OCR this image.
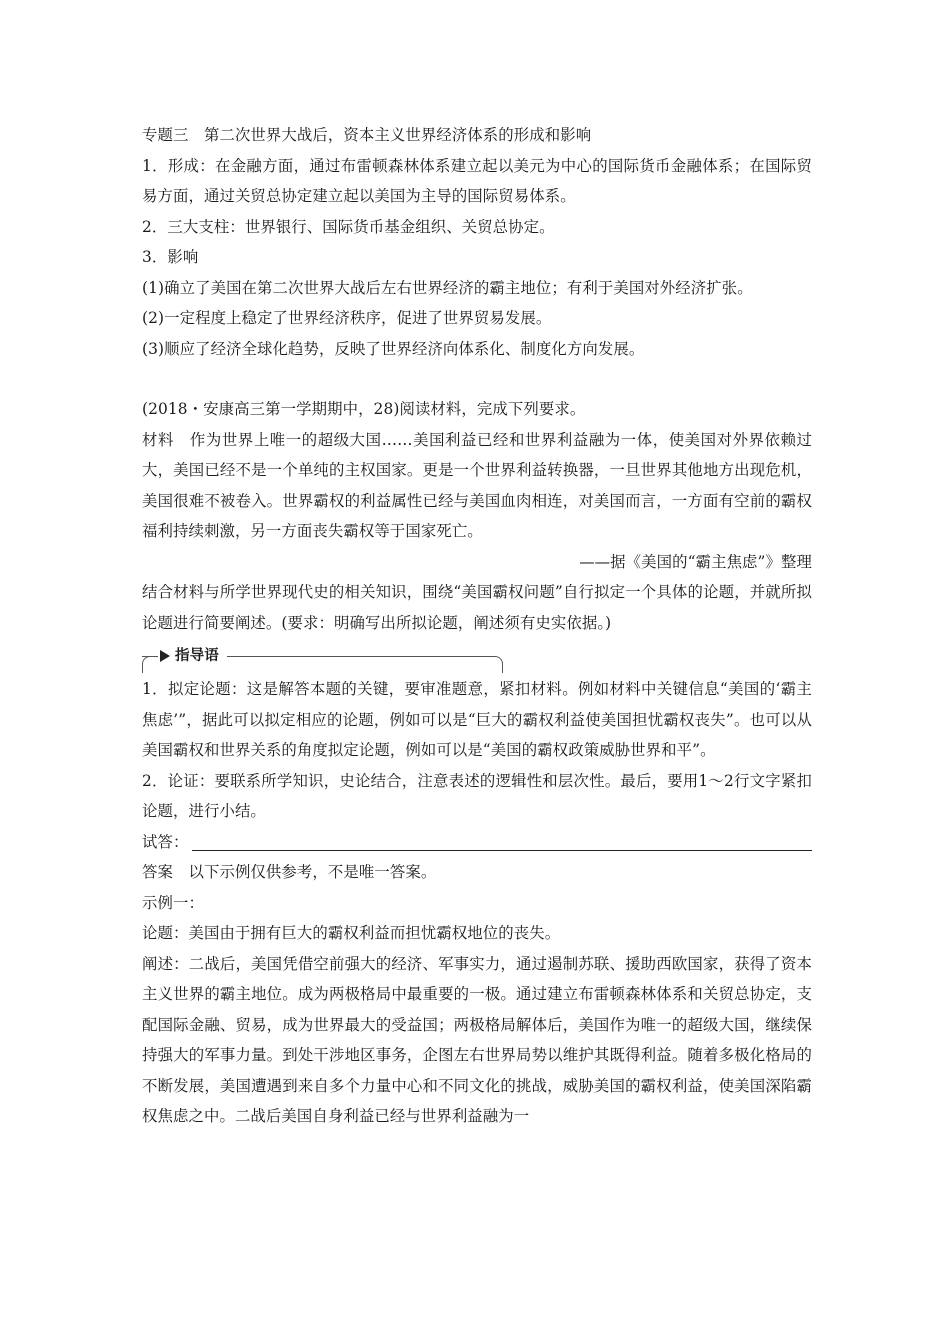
专题三　第二次世界大战后，资本主义世界经济体系的形成和影响

1．形成：在金融方面，通过布雷顿森林体系建立起以美元为中心的国际货币金融体系；在国际贸易方面，通过关贸总协定建立起以美国为主导的国际贸易体系。

2．三大支柱：世界银行、国际货币基金组织、关贸总协定。

3．影响

(1)确立了美国在第二次世界大战后左右世界经济的霸主地位；有利于美国对外经济扩张。

(2)一定程度上稳定了世界经济秩序，促进了世界贸易发展。

(3)顺应了经济全球化趋势，反映了世界经济向体系化、制度化方向发展。

(2018・安康高三第一学期期中，28)阅读材料，完成下列要求。

材料　作为世界上唯一的超级大国……美国利益已经和世界利益融为一体，使美国对外界依赖过大，美国已经不是一个单纯的主权国家。更是一个世界利益转换器，一旦世界其他地方出现危机，美国很难不被卷入。世界霸权的利益属性已经与美国血肉相连，对美国而言，一方面有空前的霸权福利持续刺激，另一方面丧失霸权等于国家死亡。

——据《美国的“霸主焦虑”》整理

结合材料与所学世界现代史的相关知识，围绕“美国霸权问题”自行拟定一个具体的论题，并就所拟论题进行简要阐述。(要求：明确写出所拟论题，阐述须有史实依据。)

指导语

1．拟定论题：这是解答本题的关键，要审准题意，紧扣材料。例如材料中关键信息“美国的‘霸主焦虑’”，据此可以拟定相应的论题，例如可以是“巨大的霸权利益使美国担忧霸权丧失”。也可以从美国霸权和世界关系的角度拟定论题，例如可以是“美国的霸权政策威胁世界和平”。

2．论证：要联系所学知识，史论结合，注意表述的逻辑性和层次性。最后，要用1～2行文字紧扣论题，进行小结。

试答：

答案　以下示例仅供参考，不是唯一答案。

示例一：

论题：美国由于拥有巨大的霸权利益而担忧霸权地位的丧失。

阐述：二战后，美国凭借空前强大的经济、军事实力，通过遏制苏联、援助西欧国家，获得了资本主义世界的霸主地位。成为两极格局中最重要的一极。通过建立布雷顿森林体系和关贸总协定，支配国际金融、贸易，成为世界最大的受益国；两极格局解体后，美国作为唯一的超级大国，继续保持强大的军事力量。到处干涉地区事务，企图左右世界局势以维护其既得利益。随着多极化格局的不断发展，美国遭遇到来自多个力量中心和不同文化的挑战，威胁美国的霸权利益，使美国深陷霸权焦虑之中。二战后美国自身利益已经与世界利益融为一
